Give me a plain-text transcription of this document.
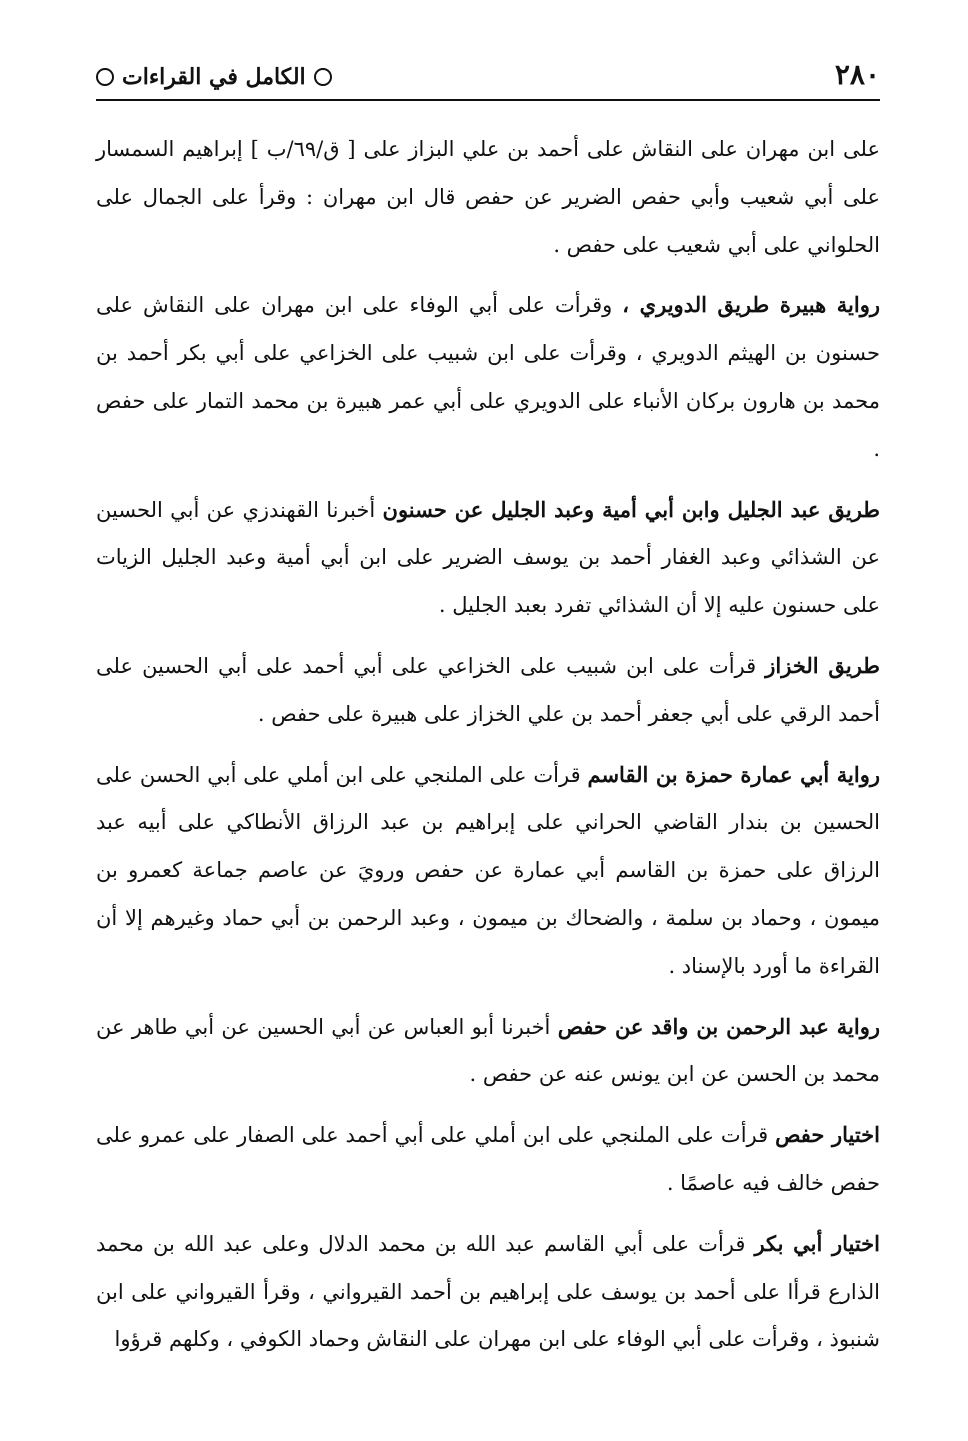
٢٨٠
الكامل في القراءات

على ابن مهران على النقاش على أحمد بن علي البزاز على [ ق/٦٩/ب ] إبراهيم السمسار على أبي شعيب وأبي حفص الضرير عن حفص قال ابن مهران : وقرأ على الجمال على الحلواني على أبي شعيب على حفص .

رواية هبيرة طريق الدويري ، وقرأت على أبي الوفاء على ابن مهران على النقاش على حسنون بن الهيثم الدويري ، وقرأت على ابن شبيب على الخزاعي على أبي بكر أحمد بن محمد بن هارون بركان الأنباء على الدويري على أبي عمر هبيرة بن محمد التمار على حفص .

طريق عبد الجليل وابن أبي أمية وعبد الجليل عن حسنون أخبرنا القهندزي عن أبي الحسين عن الشذائي وعبد الغفار أحمد بن يوسف الضرير على ابن أبي أمية وعبد الجليل الزيات على حسنون عليه إلا أن الشذائي تفرد بعبد الجليل .

طريق الخزاز قرأت على ابن شبيب على الخزاعي على أبي أحمد على أبي الحسين على أحمد الرقي على أبي جعفر أحمد بن علي الخزاز على هبيرة على حفص .

رواية أبي عمارة حمزة بن القاسم قرأت على الملنجي على ابن أملي على أبي الحسن على الحسين بن بندار القاضي الحراني على إبراهيم بن عبد الرزاق الأنطاكي على أبيه عبد الرزاق على حمزة بن القاسم أبي عمارة عن حفص ورويَ عن عاصم جماعة كعمرو بن ميمون ، وحماد بن سلمة ، والضحاك بن ميمون ، وعبد الرحمن بن أبي حماد وغيرهم إلا أن القراءة ما أورد بالإسناد .

رواية عبد الرحمن بن واقد عن حفص أخبرنا أبو العباس عن أبي الحسين عن أبي طاهر عن محمد بن الحسن عن ابن يونس عنه عن حفص .

اختيار حفص قرأت على الملنجي على ابن أملي على أبي أحمد على الصفار على عمرو على حفص خالف فيه عاصمًا .

اختيار أبي بكر قرأت على أبي القاسم عبد الله بن محمد الدلال وعلى عبد الله بن محمد الذارع قرأا على أحمد بن يوسف على إبراهيم بن أحمد القيرواني ، وقرأ القيرواني على ابن شنبوذ ، وقرأت على أبي الوفاء على ابن مهران على النقاش وحماد الكوفي ، وكلهم قرؤوا
